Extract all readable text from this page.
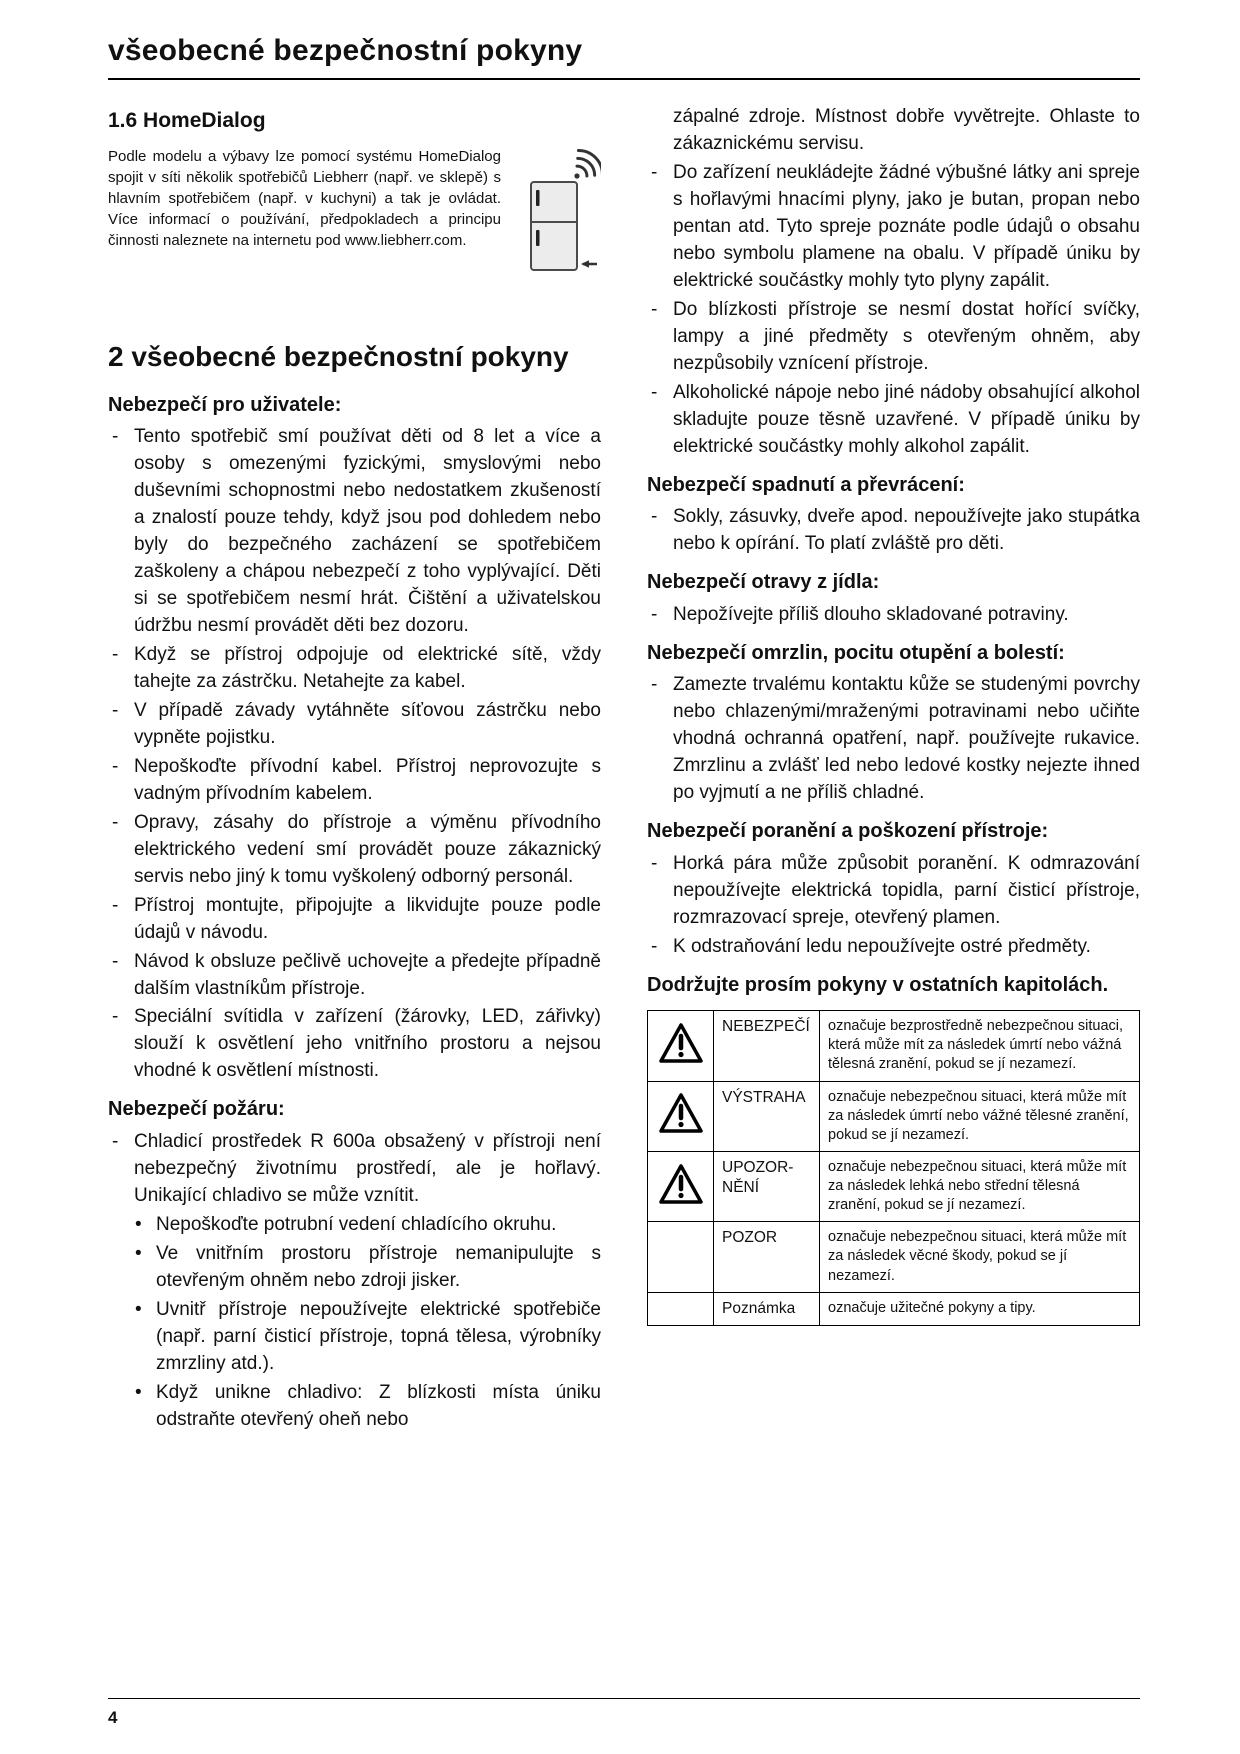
všeobecné bezpečnostní pokyny
1.6 HomeDialog

Podle modelu a výbavy lze pomocí systému HomeDialog spojit v síti několik spotřebičů Liebherr (např. ve sklepě) s hlavním spotřebičem (např. v kuchyni) a tak je ovládat. Více informací o používání, předpokladech a principu činnosti naleznete na internetu pod www.liebherr.com.

2 všeobecné bezpečnostní pokyny
Nebezpečí pro uživatele:
- Tento spotřebič smí používat děti od 8 let a více a osoby s omezenými fyzickými, smyslovými nebo duševními schopnostmi nebo nedostatkem zkušeností a znalostí pouze tehdy, když jsou pod dohledem nebo byly do bezpečného zacházení se spotřebičem zaškoleny a chápou nebezpečí z toho vyplývající. Děti si se spotřebičem nesmí hrát. Čištění a uživatelskou údržbu nesmí provádět děti bez dozoru.
- Když se přístroj odpojuje od elektrické sítě, vždy tahejte za zástrčku. Netahejte za kabel.
- V případě závady vytáhněte síťovou zástrčku nebo vypněte pojistku.
- Nepoškoďte přívodní kabel. Přístroj neprovozujte s vadným přívodním kabelem.
- Opravy, zásahy do přístroje a výměnu přívodního elektrického vedení smí provádět pouze zákaznický servis nebo jiný k tomu vyškolený odborný personál.
- Přístroj montujte, připojujte a likvidujte pouze podle údajů v návodu.
- Návod k obsluze pečlivě uchovejte a předejte případně dalším vlastníkům přístroje.
- Speciální svítidla v zařízení (žárovky, LED, zářivky) slouží k osvětlení jeho vnitřního prostoru a nejsou vhodné k osvětlení místnosti.
Nebezpečí požáru:
- Chladicí prostředek R 600a obsažený v přístroji není nebezpečný životnímu prostředí, ale je hořlavý. Unikající chladivo se může vznítit.
• Nepoškoďte potrubní vedení chladícího okruhu.
• Ve vnitřním prostoru přístroje nemanipulujte s otevřeným ohněm nebo zdroji jisker.
• Uvnitř přístroje nepoužívejte elektrické spotřebiče (např. parní čisticí přístroje, topná tělesa, výrobníky zmrzliny atd.).
• Když unikne chladivo: Z blízkosti místa úniku odstraňte otevřený oheň nebo

zápalné zdroje. Místnost dobře vyvětrejte. Ohlaste to zákaznickému servisu.

- Do zařízení neukládejte žádné výbušné látky ani spreje s hořlavými hnacími plyny, jako je butan, propan nebo pentan atd. Tyto spreje poznáte podle údajů o obsahu nebo symbolu plamene na obalu. V případě úniku by elektrické součástky mohly tyto plyny zapálit.
- Do blízkosti přístroje se nesmí dostat hořící svíčky, lampy a jiné předměty s otevřeným ohněm, aby nezpůsobily vznícení přístroje.
- Alkoholické nápoje nebo jiné nádoby obsahující alkohol skladujte pouze těsně uzavřené. V případě úniku by elektrické součástky mohly alkohol zapálit.
Nebezpečí spadnutí a převrácení:
- Sokly, zásuvky, dveře apod. nepoužívejte jako stupátka nebo k opírání. To platí zvláště pro děti.
Nebezpečí otravy z jídla:
- Nepožívejte příliš dlouho skladované potraviny.
Nebezpečí omrzlin, pocitu otupění a bolestí:
- Zamezte trvalému kontaktu kůže se studenými povrchy nebo chlazenými/mraženými potravinami nebo učiňte vhodná ochranná opatření, např. používejte rukavice. Zmrzlinu a zvlášť led nebo ledové kostky nejezte ihned po vyjmutí a ne příliš chladné.
Nebezpečí poranění a poškození přístroje:
- Horká pára může způsobit poranění. K odmrazování nepoužívejte elektrická topidla, parní čisticí přístroje, rozmrazovací spreje, otevřený plamen.
- K odstraňování ledu nepoužívejte ostré předměty.

Dodržujte prosím pokyny v ostatních kapitolách.

	NEBEZPEČÍ	označuje bezprostředně nebezpečnou situaci, která může mít za následek úmrtí nebo vážná tělesná zranění, pokud se jí nezamezí.
	VÝSTRAHA	označuje nebezpečnou situaci, která může mít za následek úmrtí nebo vážné tělesné zranění, pokud se jí nezamezí.
	UPOZOR-NĚNÍ	označuje nebezpečnou situaci, která může mít za následek lehká nebo střední tělesná zranění, pokud se jí nezamezí.
	POZOR	označuje nebezpečnou situaci, která může mít za následek věcné škody, pokud se jí nezamezí.
	Poznámka	označuje užitečné pokyny a tipy.
4
